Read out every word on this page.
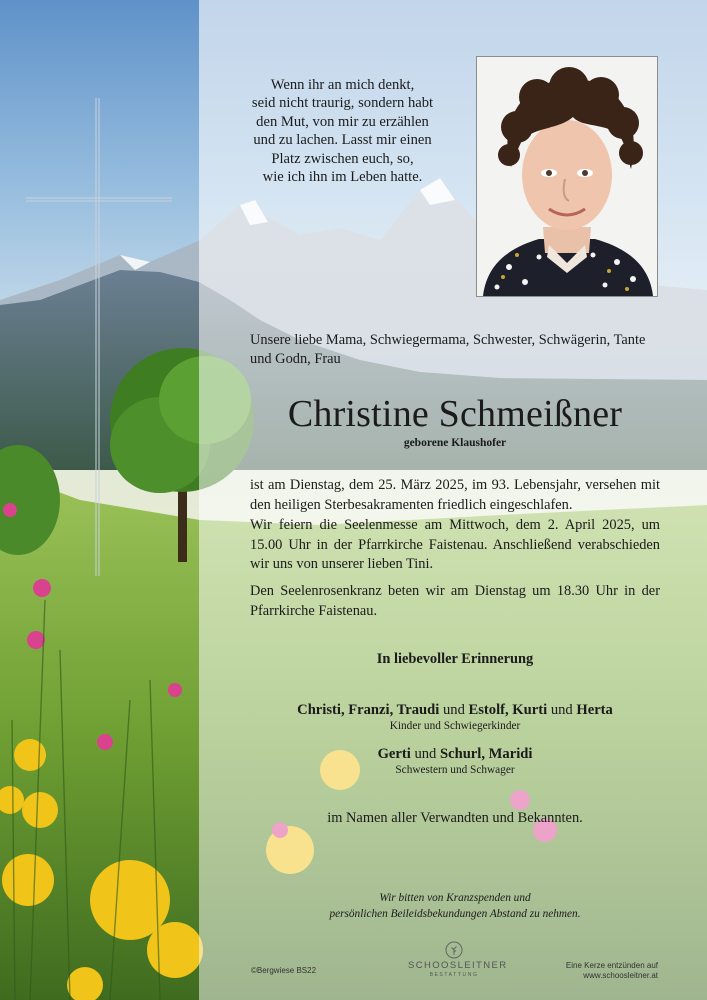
Wenn ihr an mich denkt,
seid nicht traurig, sondern habt
den Mut, von mir zu erzählen
und zu lachen. Lasst mir einen
Platz zwischen euch, so,
wie ich ihn im Leben hatte.
Unsere liebe Mama, Schwiegermama, Schwester, Schwägerin, Tante
und Godn, Frau
Christine Schmeißner
geborene Klaushofer
ist am Dienstag, dem 25. März 2025, im 93. Lebensjahr, versehen mit den heiligen Sterbesakramenten friedlich eingeschlafen.
Wir feiern die Seelenmesse am Mittwoch, dem 2. April 2025, um 15.00 Uhr in der Pfarrkirche Faistenau. Anschließend verabschieden wir uns von unserer lieben Tini.
Den Seelenrosenkranz beten wir am Dienstag um 18.30 Uhr in der Pfarrkirche Faistenau.
In liebevoller Erinnerung
Christi, Franzi, Traudi und Estolf, Kurti und Herta
Kinder und Schwiegerkinder
Gerti und Schurl, Maridi
Schwestern und Schwager
im Namen aller Verwandten und Bekannten.
Wir bitten von Kranzspenden und
persönlichen Beileidsbekundungen Abstand zu nehmen.
©Bergwiese BS22	SCHOOSLEITNER
BESTATTUNG
Eine Kerze entzünden auf
www.schoosleitner.at
